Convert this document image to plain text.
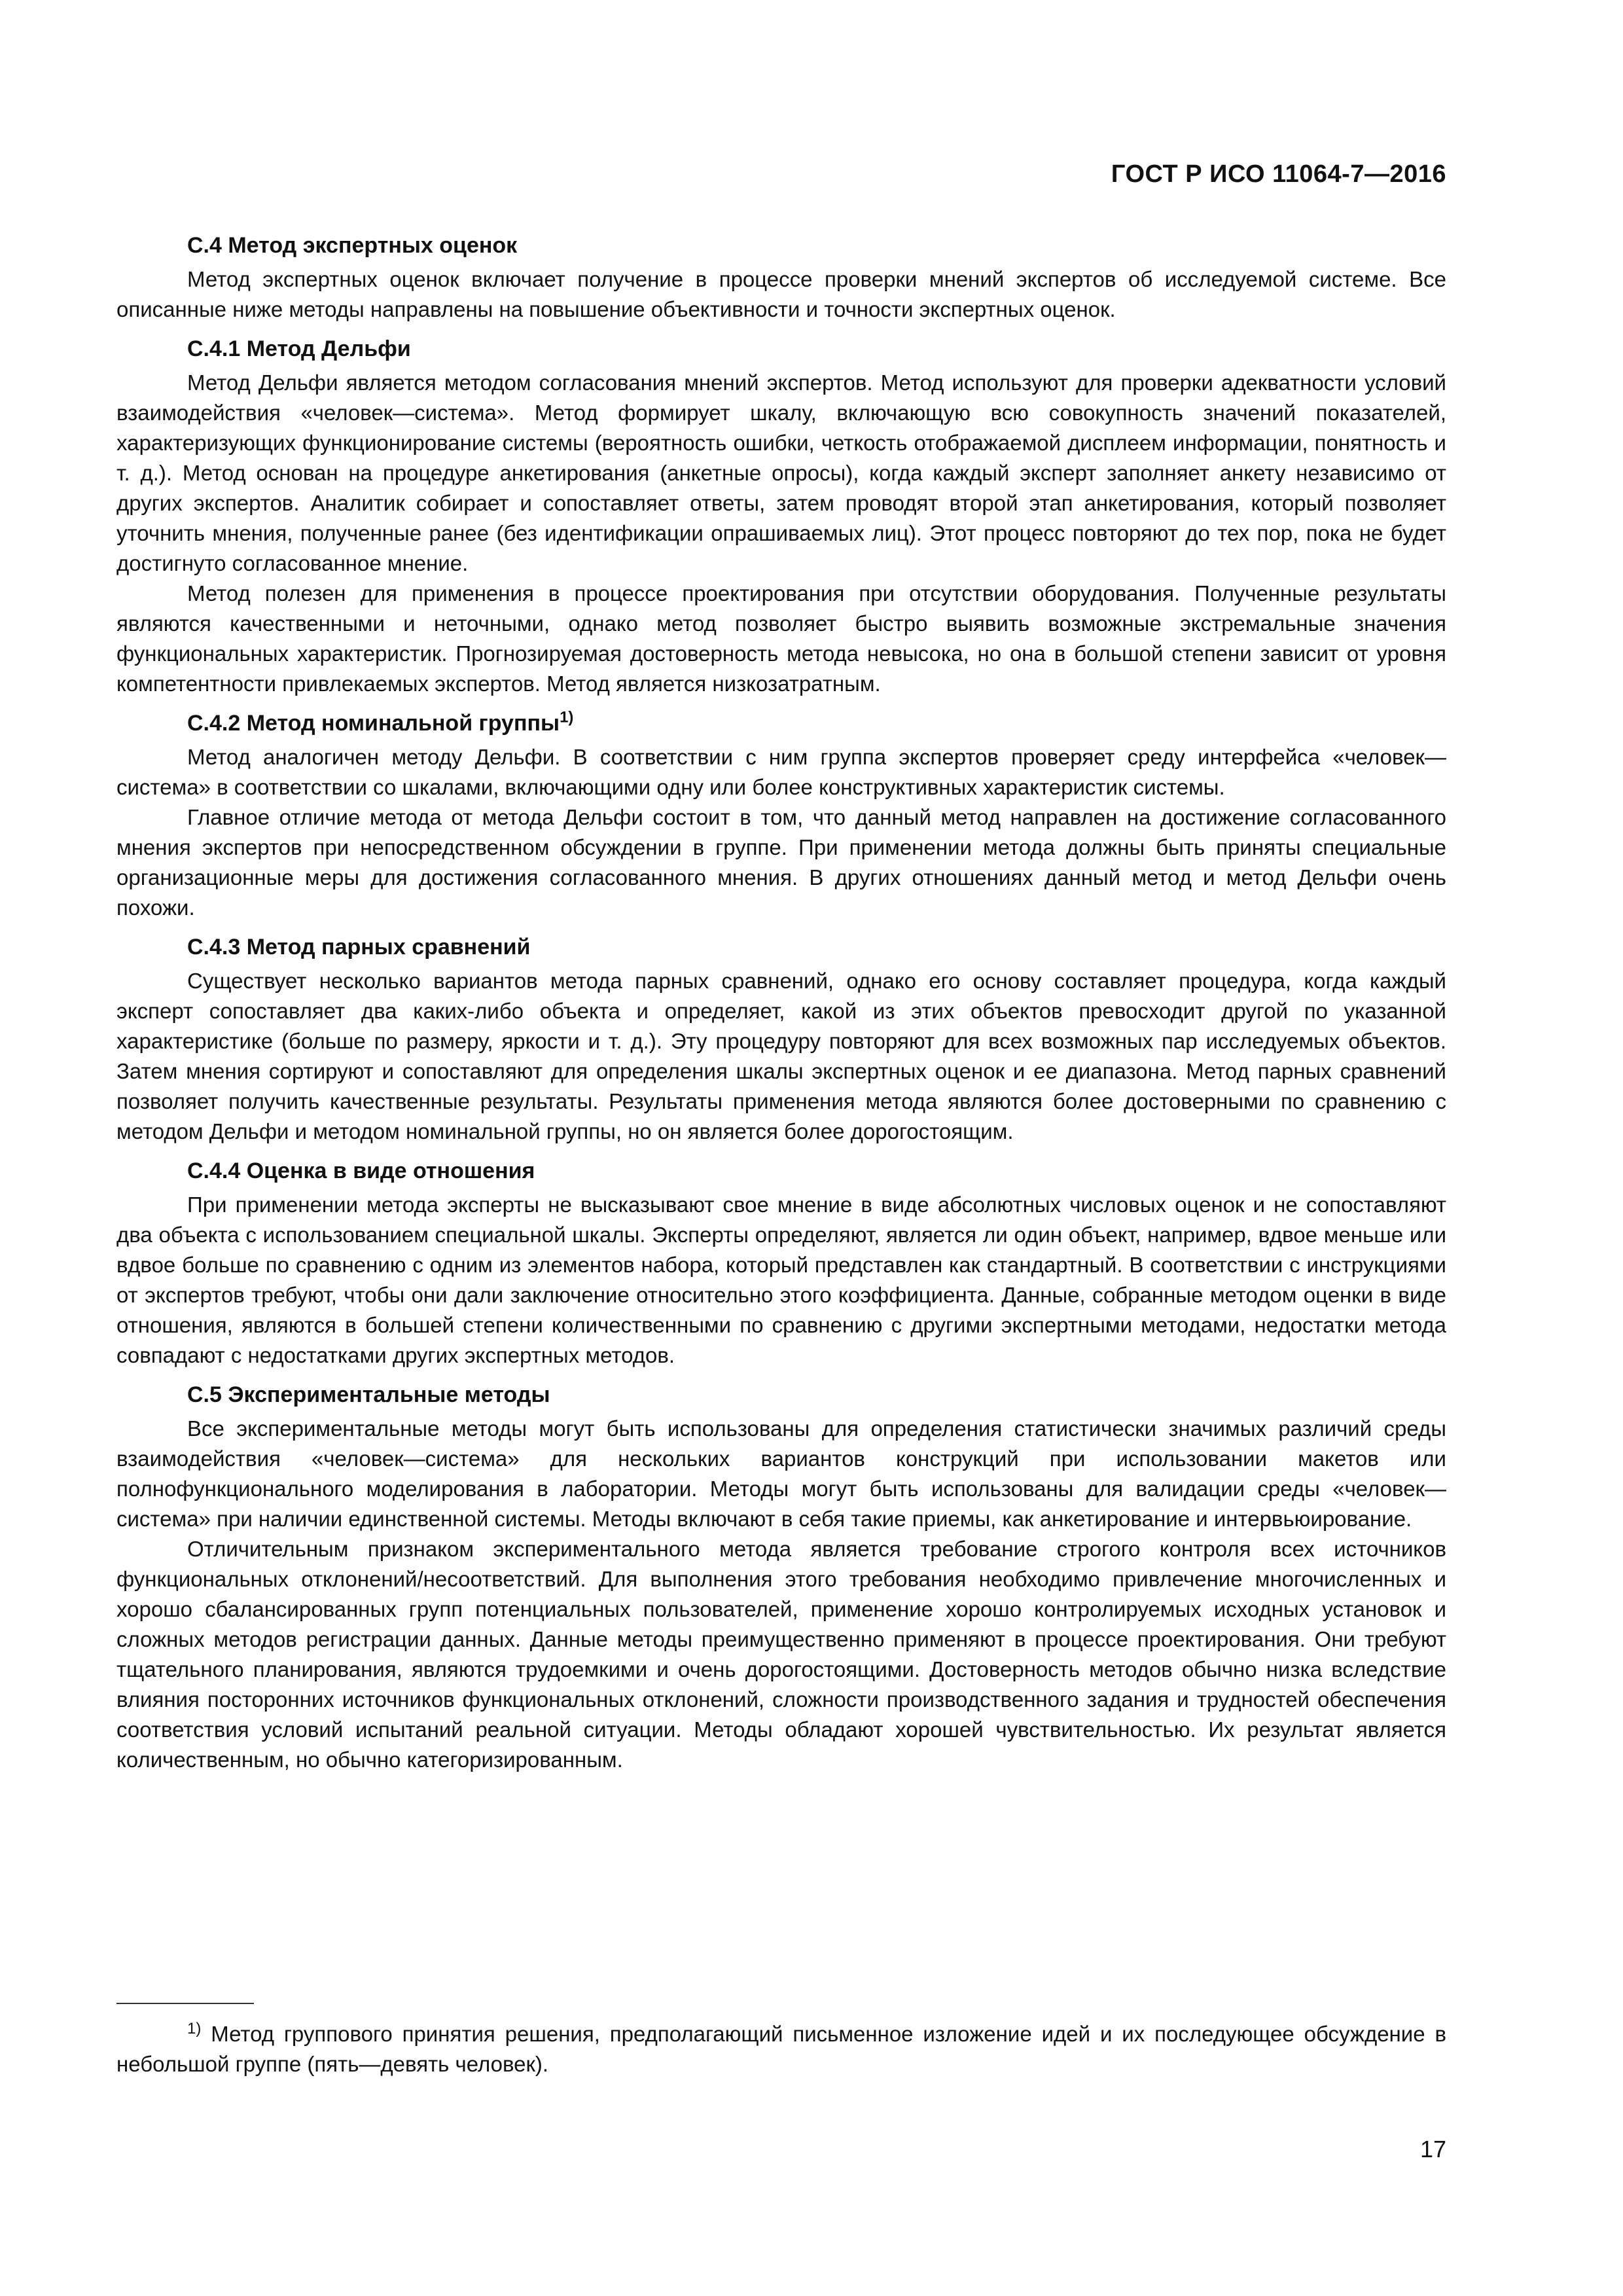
ГОСТ Р ИСО 11064-7—2016
С.4 Метод экспертных оценок

Метод экспертных оценок включает получение в процессе проверки мнений экспертов об исследуемой системе. Все описанные ниже методы направлены на повышение объективности и точности экспертных оценок.

С.4.1 Метод Дельфи

Метод Дельфи является методом согласования мнений экспертов. Метод используют для проверки адекватности условий взаимодействия «человек—система». Метод формирует шкалу, включающую всю совокупность значений показателей, характеризующих функционирование системы (вероятность ошибки, четкость отображаемой дисплеем информации, понятность и т. д.). Метод основан на процедуре анкетирования (анкетные опросы), когда каждый эксперт заполняет анкету независимо от других экспертов. Аналитик собирает и сопоставляет ответы, затем проводят второй этап анкетирования, который позволяет уточнить мнения, полученные ранее (без идентификации опрашиваемых лиц). Этот процесс повторяют до тех пор, пока не будет достигнуто согласованное мнение.

Метод полезен для применения в процессе проектирования при отсутствии оборудования. Полученные результаты являются качественными и неточными, однако метод позволяет быстро выявить возможные экстремальные значения функциональных характеристик. Прогнозируемая достоверность метода невысока, но она в большой степени зависит от уровня компетентности привлекаемых экспертов. Метод является низкозатратным.

С.4.2 Метод номинальной группы$^{1)}$

Метод аналогичен методу Дельфи. В соответствии с ним группа экспертов проверяет среду интерфейса «человек—система» в соответствии со шкалами, включающими одну или более конструктивных характеристик системы.

Главное отличие метода от метода Дельфи состоит в том, что данный метод направлен на достижение согласованного мнения экспертов при непосредственном обсуждении в группе. При применении метода должны быть приняты специальные организационные меры для достижения согласованного мнения. В других отношениях данный метод и метод Дельфи очень похожи.

С.4.3 Метод парных сравнений

Существует несколько вариантов метода парных сравнений, однако его основу составляет процедура, когда каждый эксперт сопоставляет два каких-либо объекта и определяет, какой из этих объектов превосходит другой по указанной характеристике (больше по размеру, яркости и т. д.). Эту процедуру повторяют для всех возможных пар исследуемых объектов. Затем мнения сортируют и сопоставляют для определения шкалы экспертных оценок и ее диапазона. Метод парных сравнений позволяет получить качественные результаты. Результаты применения метода являются более достоверными по сравнению с методом Дельфи и методом номинальной группы, но он является более дорогостоящим.

С.4.4 Оценка в виде отношения

При применении метода эксперты не высказывают свое мнение в виде абсолютных числовых оценок и не сопоставляют два объекта с использованием специальной шкалы. Эксперты определяют, является ли один объект, например, вдвое меньше или вдвое больше по сравнению с одним из элементов набора, который представлен как стандартный. В соответствии с инструкциями от экспертов требуют, чтобы они дали заключение относительно этого коэффициента. Данные, собранные методом оценки в виде отношения, являются в большей степени количественными по сравнению с другими экспертными методами, недостатки метода совпадают с недостатками других экспертных методов.

С.5 Экспериментальные методы

Все экспериментальные методы могут быть использованы для определения статистически значимых различий среды взаимодействия «человек—система» для нескольких вариантов конструкций при использовании макетов или полнофункционального моделирования в лаборатории. Методы могут быть использованы для валидации среды «человек—система» при наличии единственной системы. Методы включают в себя такие приемы, как анкетирование и интервьюирование.

Отличительным признаком экспериментального метода является требование строгого контроля всех источников функциональных отклонений/несоответствий. Для выполнения этого требования необходимо привлечение многочисленных и хорошо сбалансированных групп потенциальных пользователей, применение хорошо контролируемых исходных установок и сложных методов регистрации данных. Данные методы преимущественно применяют в процессе проектирования. Они требуют тщательного планирования, являются трудоемкими и очень дорогостоящими. Достоверность методов обычно низка вследствие влияния посторонних источников функциональных отклонений, сложности производственного задания и трудностей обеспечения соответствия условий испытаний реальной ситуации. Методы обладают хорошей чувствительностью. Их результат является количественным, но обычно категоризированным.

$^{1)}$ Метод группового принятия решения, предполагающий письменное изложение идей и их последующее обсуждение в небольшой группе (пять—девять человек).
17
